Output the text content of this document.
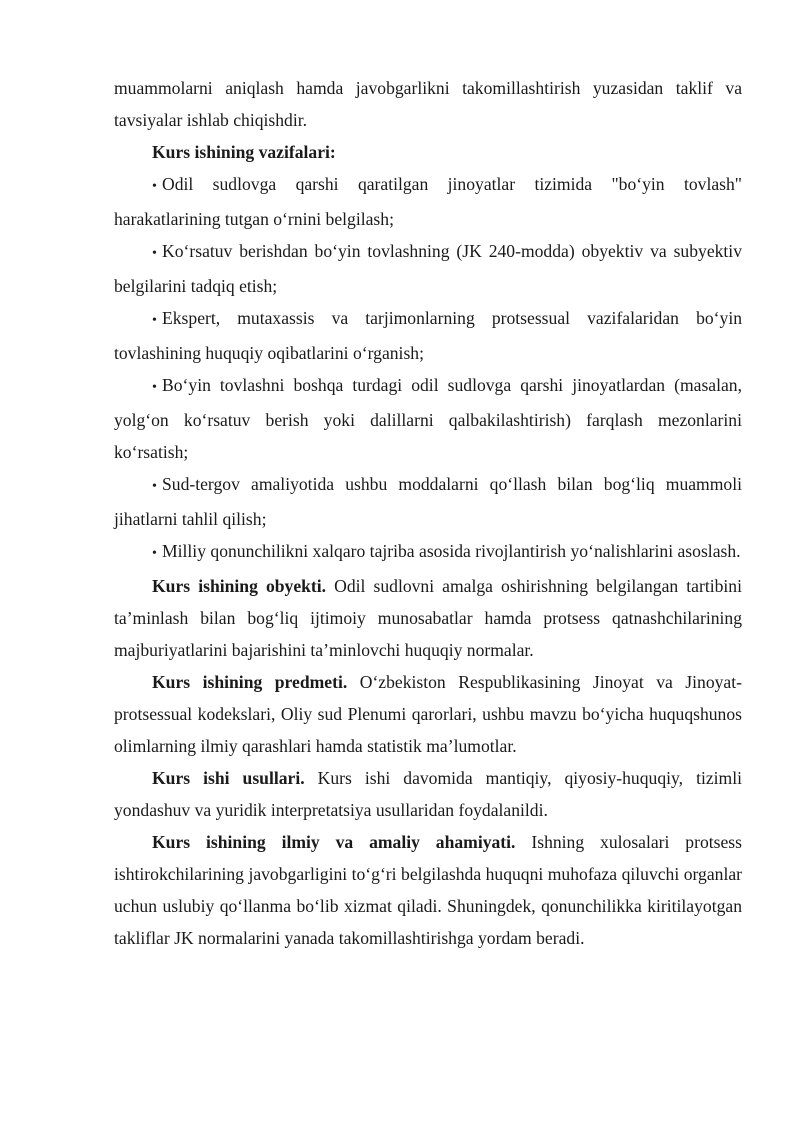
muammolarni aniqlash hamda javobgarlikni takomillashtirish yuzasidan taklif va tavsiyalar ishlab chiqishdir.

Kurs ishining vazifalari:

• Odil sudlovga qarshi qaratilgan jinoyatlar tizimida "bo‘yin tovlash" harakatlarining tutgan o‘rnini belgilash;

• Ko‘rsatuv berishdan bo‘yin tovlashning (JK 240-modda) obyektiv va subyektiv belgilarini tadqiq etish;

• Ekspert, mutaxassis va tarjimonlarning protsessual vazifalaridan bo‘yin tovlashining huquqiy oqibatlarini o‘rganish;

• Bo‘yin tovlashni boshqa turdagi odil sudlovga qarshi jinoyatlardan (masalan, yolg‘on ko‘rsatuv berish yoki dalillarni qalbakilashtirish) farqlash mezonlarini ko‘rsatish;

• Sud-tergov amaliyotida ushbu moddalarni qo‘llash bilan bog‘liq muammoli jihatlarni tahlil qilish;

• Milliy qonunchilikni xalqaro tajriba asosida rivojlantirish yo‘nalishlarini asoslash.

Kurs ishining obyekti. Odil sudlovni amalga oshirishning belgilangan tartibini ta’minlash bilan bog‘liq ijtimoiy munosabatlar hamda protsess qatnashchilarining majburiyatlarini bajarishini ta’minlovchi huquqiy normalar.

Kurs ishining predmeti. O‘zbekiston Respublikasining Jinoyat va Jinoyat-protsessual kodekslari, Oliy sud Plenumi qarorlari, ushbu mavzu bo‘yicha huquqshunos olimlarning ilmiy qarashlari hamda statistik ma’lumotlar.

Kurs ishi usullari. Kurs ishi davomida mantiqiy, qiyosiy-huquqiy, tizimli yondashuv va yuridik interpretatsiya usullaridan foydalanildi.

Kurs ishining ilmiy va amaliy ahamiyati. Ishning xulosalari protsess ishtirokchilarining javobgarligini to‘g‘ri belgilashda huquqni muhofaza qiluvchi organlar uchun uslubiy qo‘llanma bo‘lib xizmat qiladi. Shuningdek, qonunchilikka kiritilayotgan takliflar JK normalarini yanada takomillashtirishga yordam beradi.
